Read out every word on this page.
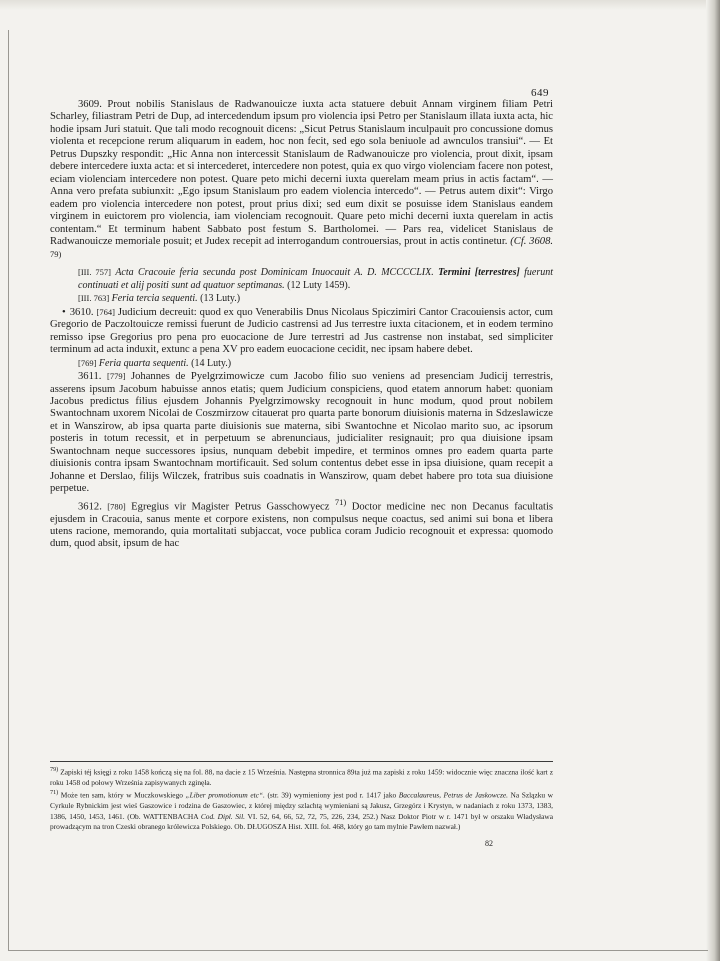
649

3609. Prout nobilis Stanislaus de Radwanouicze iuxta acta statuere debuit Annam virginem filiam Petri Scharley, filiastram Petri de Dup, ad intercedendum ipsum pro violencia ipsi Petro per Stanislaum illata iuxta acta, hic hodie ipsam Juri statuit. Que tali modo recognouit dicens: „Sicut Petrus Stanislaum inculpauit pro concussione domus violenta et recepcione rerum aliquarum in eadem, hoc non fecit, sed ego sola beniuole ad awnculos transiui“. — Et Petrus Dupszky respondit: „Hic Anna non intercessit Stanislaum de Radwanouicze pro violencia, prout dixit, ipsam debere intercedere iuxta acta: et si intercederet, intercedere non potest, quia ex quo virgo violenciam facere non potest, eciam violenciam intercedere non potest. Quare peto michi decerni iuxta querelam meam prius in actis factam“. — Anna vero prefata subiunxit: „Ego ipsum Stanislaum pro eadem violencia intercedo“. — Petrus autem dixit“: Virgo eadem pro violencia intercedere non potest, prout prius dixi; sed eum dixit se posuisse idem Stanislaus eandem virginem in euictorem pro violencia, iam violenciam recognouit. Quare peto michi decerni iuxta querelam in actis contentam.“ Et terminum habent Sabbato post festum S. Bartholomei. — Pars rea, videlicet Stanislaus de Radwanouicze memoriale posuit; et Judex recepit ad interrogandum controuersias, prout in actis continetur. (Cf. 3608. $^{79)}$

[III. 757] Acta Cracouie feria secunda post Dominicam Inuocauit A. D. MCCCCLIX. Termini [terrestres] fuerunt continuati et alij positi sunt ad quatuor septimanas. (12 Luty 1459).

[III. 763] Feria tercia sequenti. (13 Luty.)

• 3610. [764] Judicium decreuit: quod ex quo Venerabilis Dnus Nicolaus Spiczimiri Cantor Cracouiensis actor, cum Gregorio de Paczoltouicze remissi fuerunt de Judicio castrensi ad Jus terrestre iuxta citacionem, et in eodem termino remisso ipse Gregorius pro pena pro euocacione de Jure terrestri ad Jus castrense non instabat, sed simpliciter terminum ad acta induxit, extunc a pena XV pro eadem euocacione cecidit, nec ipsam habere debet.

[769] Feria quarta sequenti. (14 Luty.)

3611. [779] Johannes de Pyelgrzimowicze cum Jacobo filio suo veniens ad presenciam Judicij terrestris, asserens ipsum Jacobum habuisse annos etatis; quem Judicium conspiciens, quod etatem annorum habet: quoniam Jacobus predictus filius ejusdem Johannis Pyelgrzimowsky recognouit in hunc modum, quod prout nobilem Swantochnam uxorem Nicolai de Coszmirzow citauerat pro quarta parte bonorum diuisionis materna in Sdzeslawicze et in Wanszirow, ab ipsa quarta parte diuisionis sue materna, sibi Swantochne et Nicolao marito suo, ac ipsorum posteris in totum recessit, et in perpetuum se abrenunciaus, judicialiter resignauit; pro qua diuisione ipsam Swantochnam neque successores ipsius, nunquam debebit impedire, et terminos omnes pro eadem quarta parte diuisionis contra ipsam Swantochnam mortificauit. Sed solum contentus debet esse in ipsa diuisione, quam recepit a Johanne et Derslao, filijs Wilczek, fratribus suis coadnatis in Wanszirow, quam debet habere pro tota sua diuisione perpetue.

3612. [780] Egregius vir Magister Petrus Gasschowyecz $^{71)}$ Doctor medicine nec non Decanus facultatis ejusdem in Cracouia, sanus mente et corpore existens, non compulsus neque coactus, sed animi sui bona et libera utens racione, memorando, quia mortalitati subjaccat, voce publica coram Judicio recognouit et expressa: quomodo dum, quod absit, ipsum de hac

$^{79)}$ Zapiski téj księgi z roku 1458 kończą się na fol. 88, na dacie z 15 Września. Następna stronnica 89ta już ma zapiski z roku 1459: widocznie więc znaczna ilość kart z roku 1458 od połowy Września zapisywanych zginęła.

$^{71)}$ Może ten sam, który w Muczkowskiego „Liber promotionum etc“. (str. 39) wymieniony jest pod r. 1417 jako Baccalaureus, Petrus de Jaskowcze. Na Szlązku w Cyrkule Rybnickim jest wieś Gaszowice i rodzina de Gaszowiec, z której między szlachtą wymieniani są Jakusz, Grzegórz i Krystyn, w nadaniach z roku 1373, 1383, 1386, 1450, 1453, 1461. (Ob. WATTENBACHA Cod. Dipl. Sil. VI. 52, 64, 66, 52, 72, 75, 226, 234, 252.) Nasz Doktor Piotr w r. 1471 był w orszaku Władysława prowadzącym na tron Czeski obranego królewicza Polskiego. Ob. DŁUGOSZA Hist. XIII. fol. 468, który go tam mylnie Pawłem nazwał.)

82
